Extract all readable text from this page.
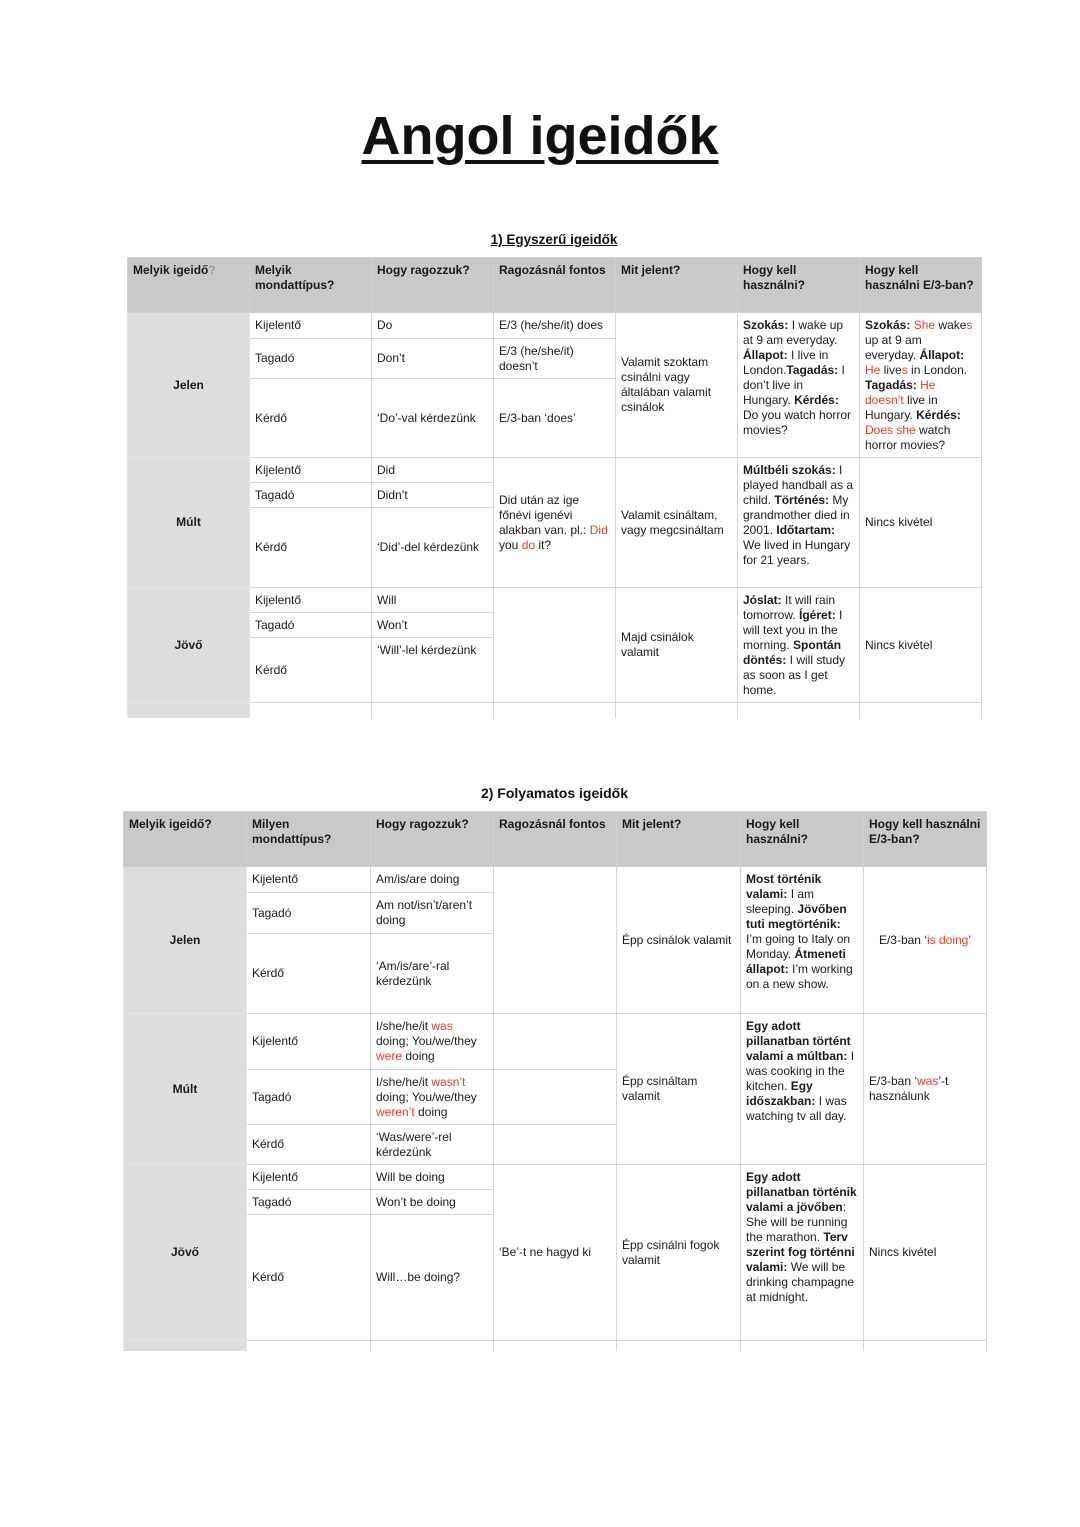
Angol igeidők
1) Egyszerű igeidők
Melyik igeidő?	Melyik mondattípus?	Hogy ragozzuk?	Ragozásnál fontos	Mit jelent?	Hogy kell használni?	Hogy kell használni E/3-ban?
Jelen	Kijelentő	Do	E/3 (he/she/it) does	Valamit szoktam csinálni vagy általában valamit csinálok	Szokás: I wake up at 9 am everyday. Állapot: I live in London.Tagadás: I don’t live in Hungary. Kérdés: Do you watch horror movies?	Szokás: She wakes up at 9 am everyday. Állapot: He lives in London. Tagadás: He doesn’t live in Hungary. Kérdés: Does she watch horror movies?
	Tagadó	Don’t	E/3 (he/she/it) doesn’t			
	Kérdő	‘Do’-val kérdezünk	E/3-ban ‘does’			
Múlt	Kijelentő	Did	Did után az ige főnévi igenévi alakban van. pl.: Did you do it?	Valamit csináltam, vagy megcsináltam	Múltbéli szokás: I played handball as a child. Történés: My grandmother died in 2001. Időtartam: We lived in Hungary for 21 years.	Nincs kivétel
	Tagadó	Didn’t				
	Kérdő	‘Did’-del kérdezünk				
Jövő	Kijelentő	Will		Majd csinálok valamit	Jóslat: It will rain tomorrow. Ígéret: I will text you in the morning. Spontán döntés: I will study as soon as I get home.	Nincs kivétel
	Tagadó	Won’t				
	Kérdő	‘Will’-lel kérdezünk				

2) Folyamatos igeidők
Melyik igeidő?	Milyen mondattípus?	Hogy ragozzuk?	Ragozásnál fontos	Mit jelent?	Hogy kell használni?	Hogy kell használni E/3-ban?
Jelen	Kijelentő	Am/is/are doing		Épp csinálok valamit	Most történik valami: I am sleeping. Jövőben tuti megtörténik: I’m going to Italy on Monday. Átmeneti állapot: I’m working on a new show.	E/3-ban ‘is doing’
	Tagadó	Am not/isn’t/aren’t doing				
	Kérdő	‘Am/is/are’-ral kérdezünk				
Múlt	Kijelentő	I/she/he/it was doing; You/we/they were doing		Épp csináltam valamit	Egy adott pillanatban történt valami a múltban: I was cooking in the kitchen. Egy időszakban: I was watching tv all day.	E/3-ban ‘was’-t használunk
	Tagadó	I/she/he/it wasn’t doing; You/we/they weren’t doing				
	Kérdő	‘Was/were’-rel kérdezünk				
Jövő	Kijelentő	Will be doing	‘Be’-t ne hagyd ki	Épp csinálni fogok valamit	Egy adott pillanatban történik valami a jövőben: She will be running the marathon. Terv szerint fog történni valami: We will be drinking champagne at midnight.	Nincs kivétel
	Tagadó	Won’t be doing				
	Kérdő	Will…be doing?				
